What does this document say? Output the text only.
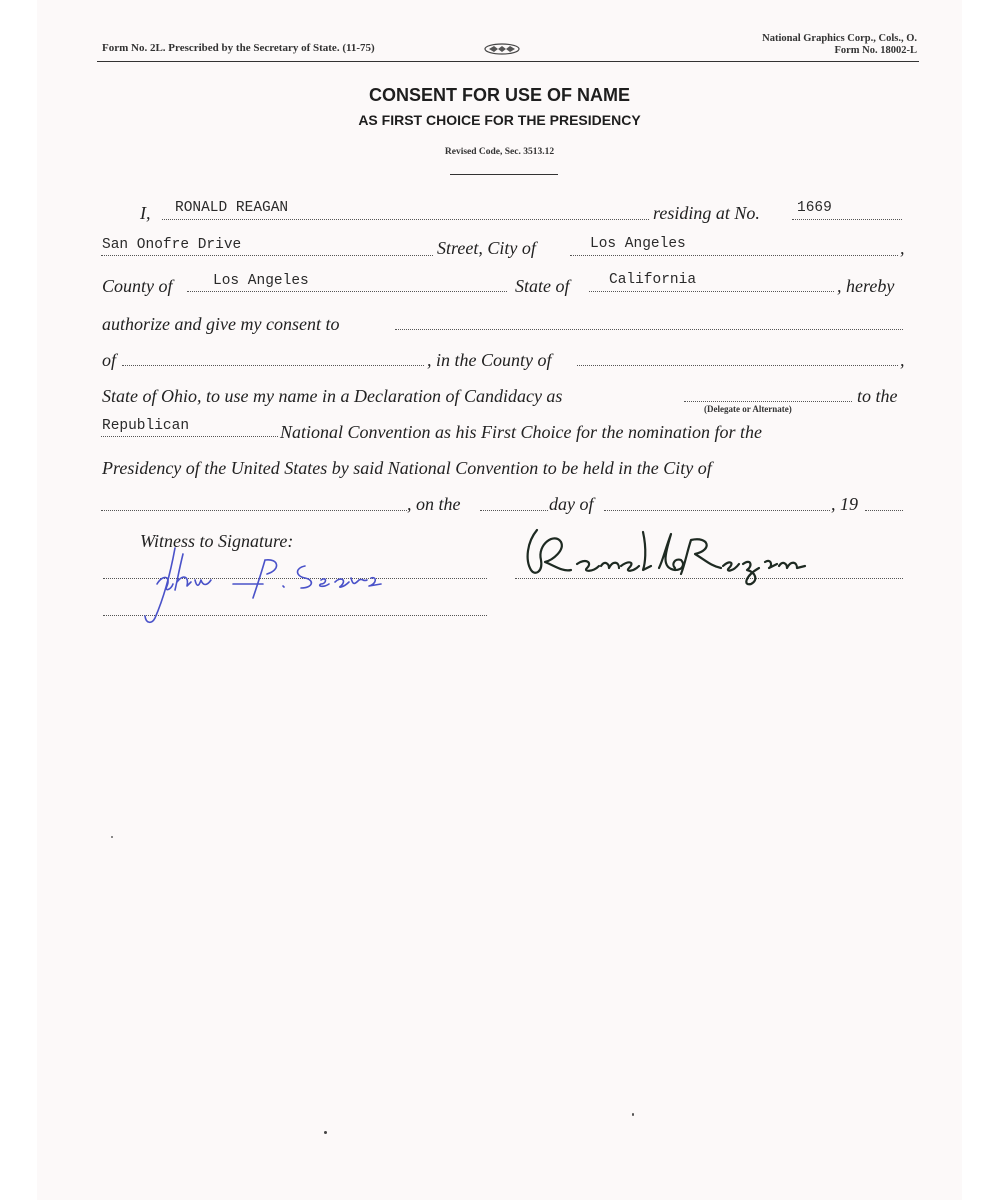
Form No. 2L. Prescribed by the Secretary of State. (11-75)
National Graphics Corp., Cols., O.
Form No. 18002-L
CONSENT FOR USE OF NAME
AS FIRST CHOICE FOR THE PRESIDENCY
Revised Code, Sec. 3513.12
I, RONALD REAGAN	residing at No.	1669
San Onofre Drive	Street, City of	Los Angeles	,
County of	Los Angeles	State of	California	, hereby
authorize and give my consent to
of	, in the County of	,
State of Ohio, to use my name in a Declaration of Candidacy as	to the
(Delegate or Alternate)
Republican	National Convention as his First Choice for the nomination for the
Presidency of the United States by said National Convention to be held in the City of
, on the	day of	, 19
Witness to Signature:
